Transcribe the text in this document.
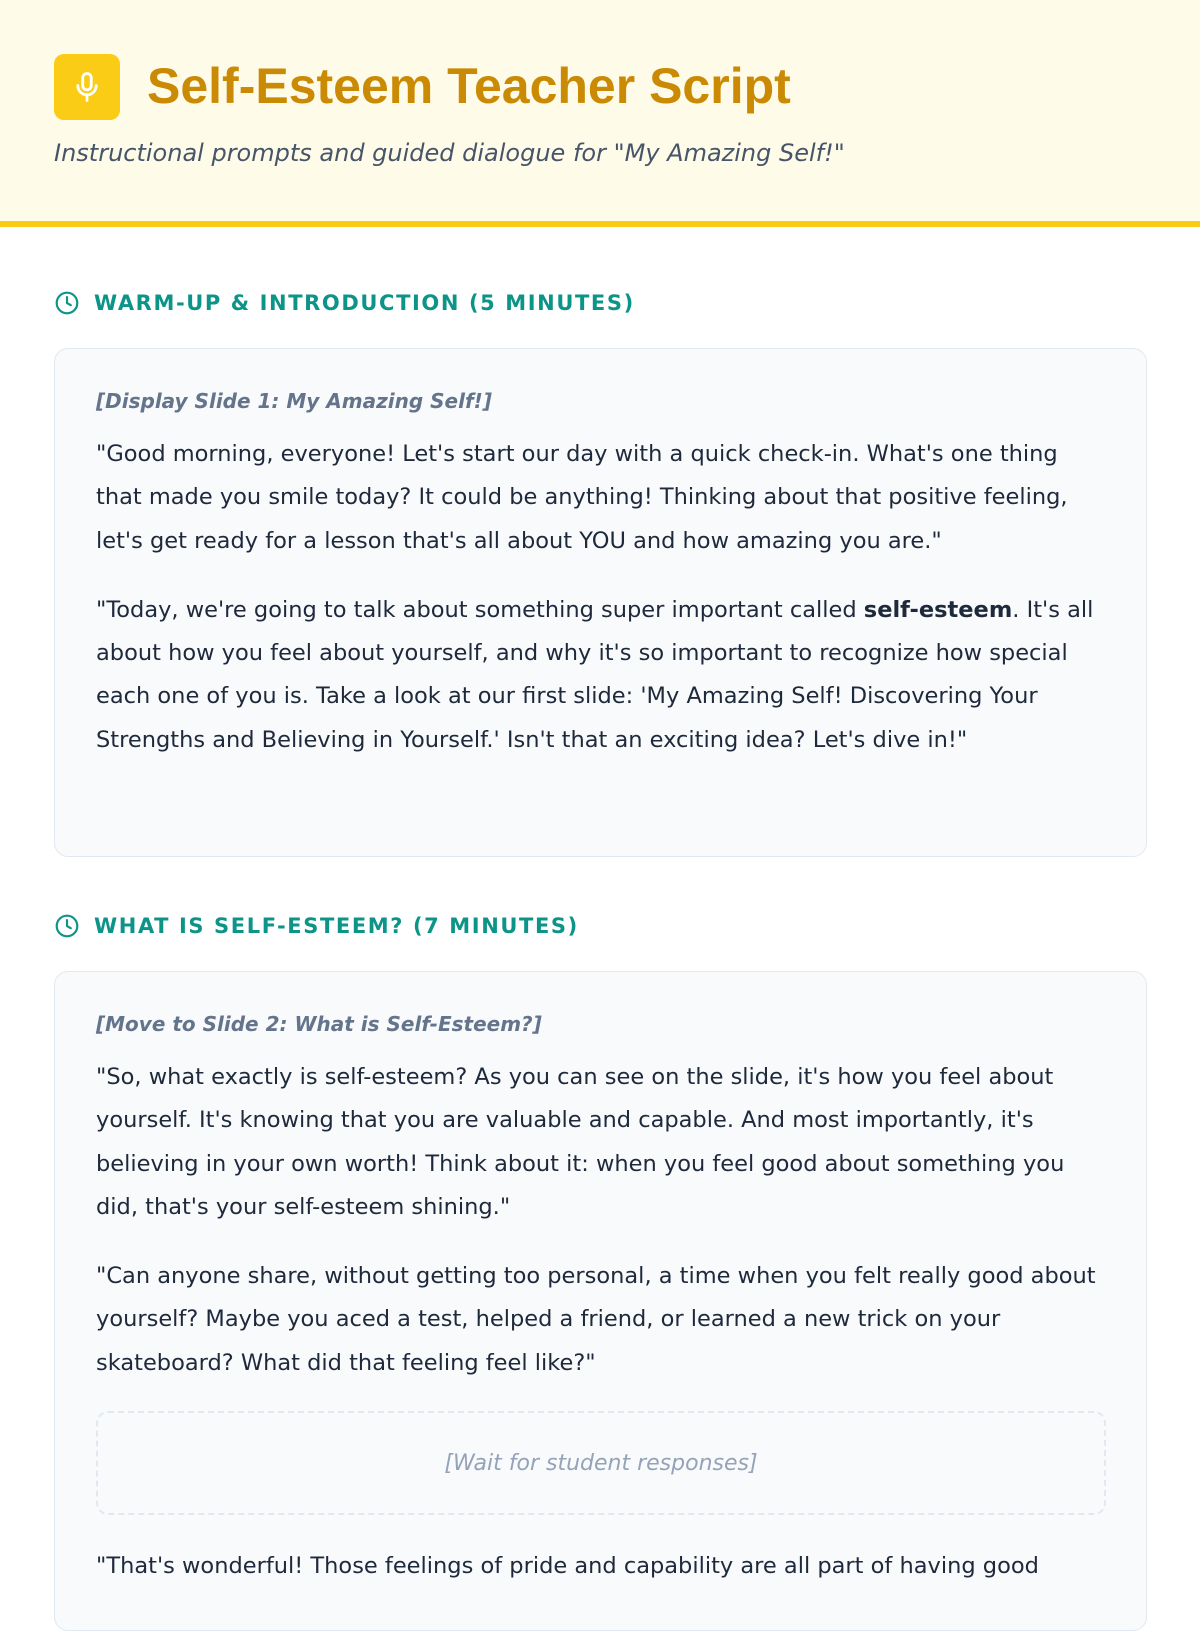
Self-Esteem Teacher Script

Instructional prompts and guided dialogue for "My Amazing Self!"

WARM-UP & INTRODUCTION (5 MINUTES)

[Display Slide 1: My Amazing Self!]

"Good morning, everyone! Let's start our day with a quick check-in. What's one thing that made you smile today? It could be anything! Thinking about that positive feeling, let's get ready for a lesson that's all about YOU and how amazing you are."

"Today, we're going to talk about something super important called self-esteem. It's all about how you feel about yourself, and why it's so important to recognize how special each one of you is. Take a look at our first slide: 'My Amazing Self! Discovering Your Strengths and Believing in Yourself.' Isn't that an exciting idea? Let's dive in!"

WHAT IS SELF-ESTEEM? (7 MINUTES)

[Move to Slide 2: What is Self-Esteem?]

"So, what exactly is self-esteem? As you can see on the slide, it's how you feel about yourself. It's knowing that you are valuable and capable. And most importantly, it's believing in your own worth! Think about it: when you feel good about something you did, that's your self-esteem shining."

"Can anyone share, without getting too personal, a time when you felt really good about yourself? Maybe you aced a test, helped a friend, or learned a new trick on your skateboard? What did that feeling feel like?"

[Wait for student responses]

"That's wonderful! Those feelings of pride and capability are all part of having good
